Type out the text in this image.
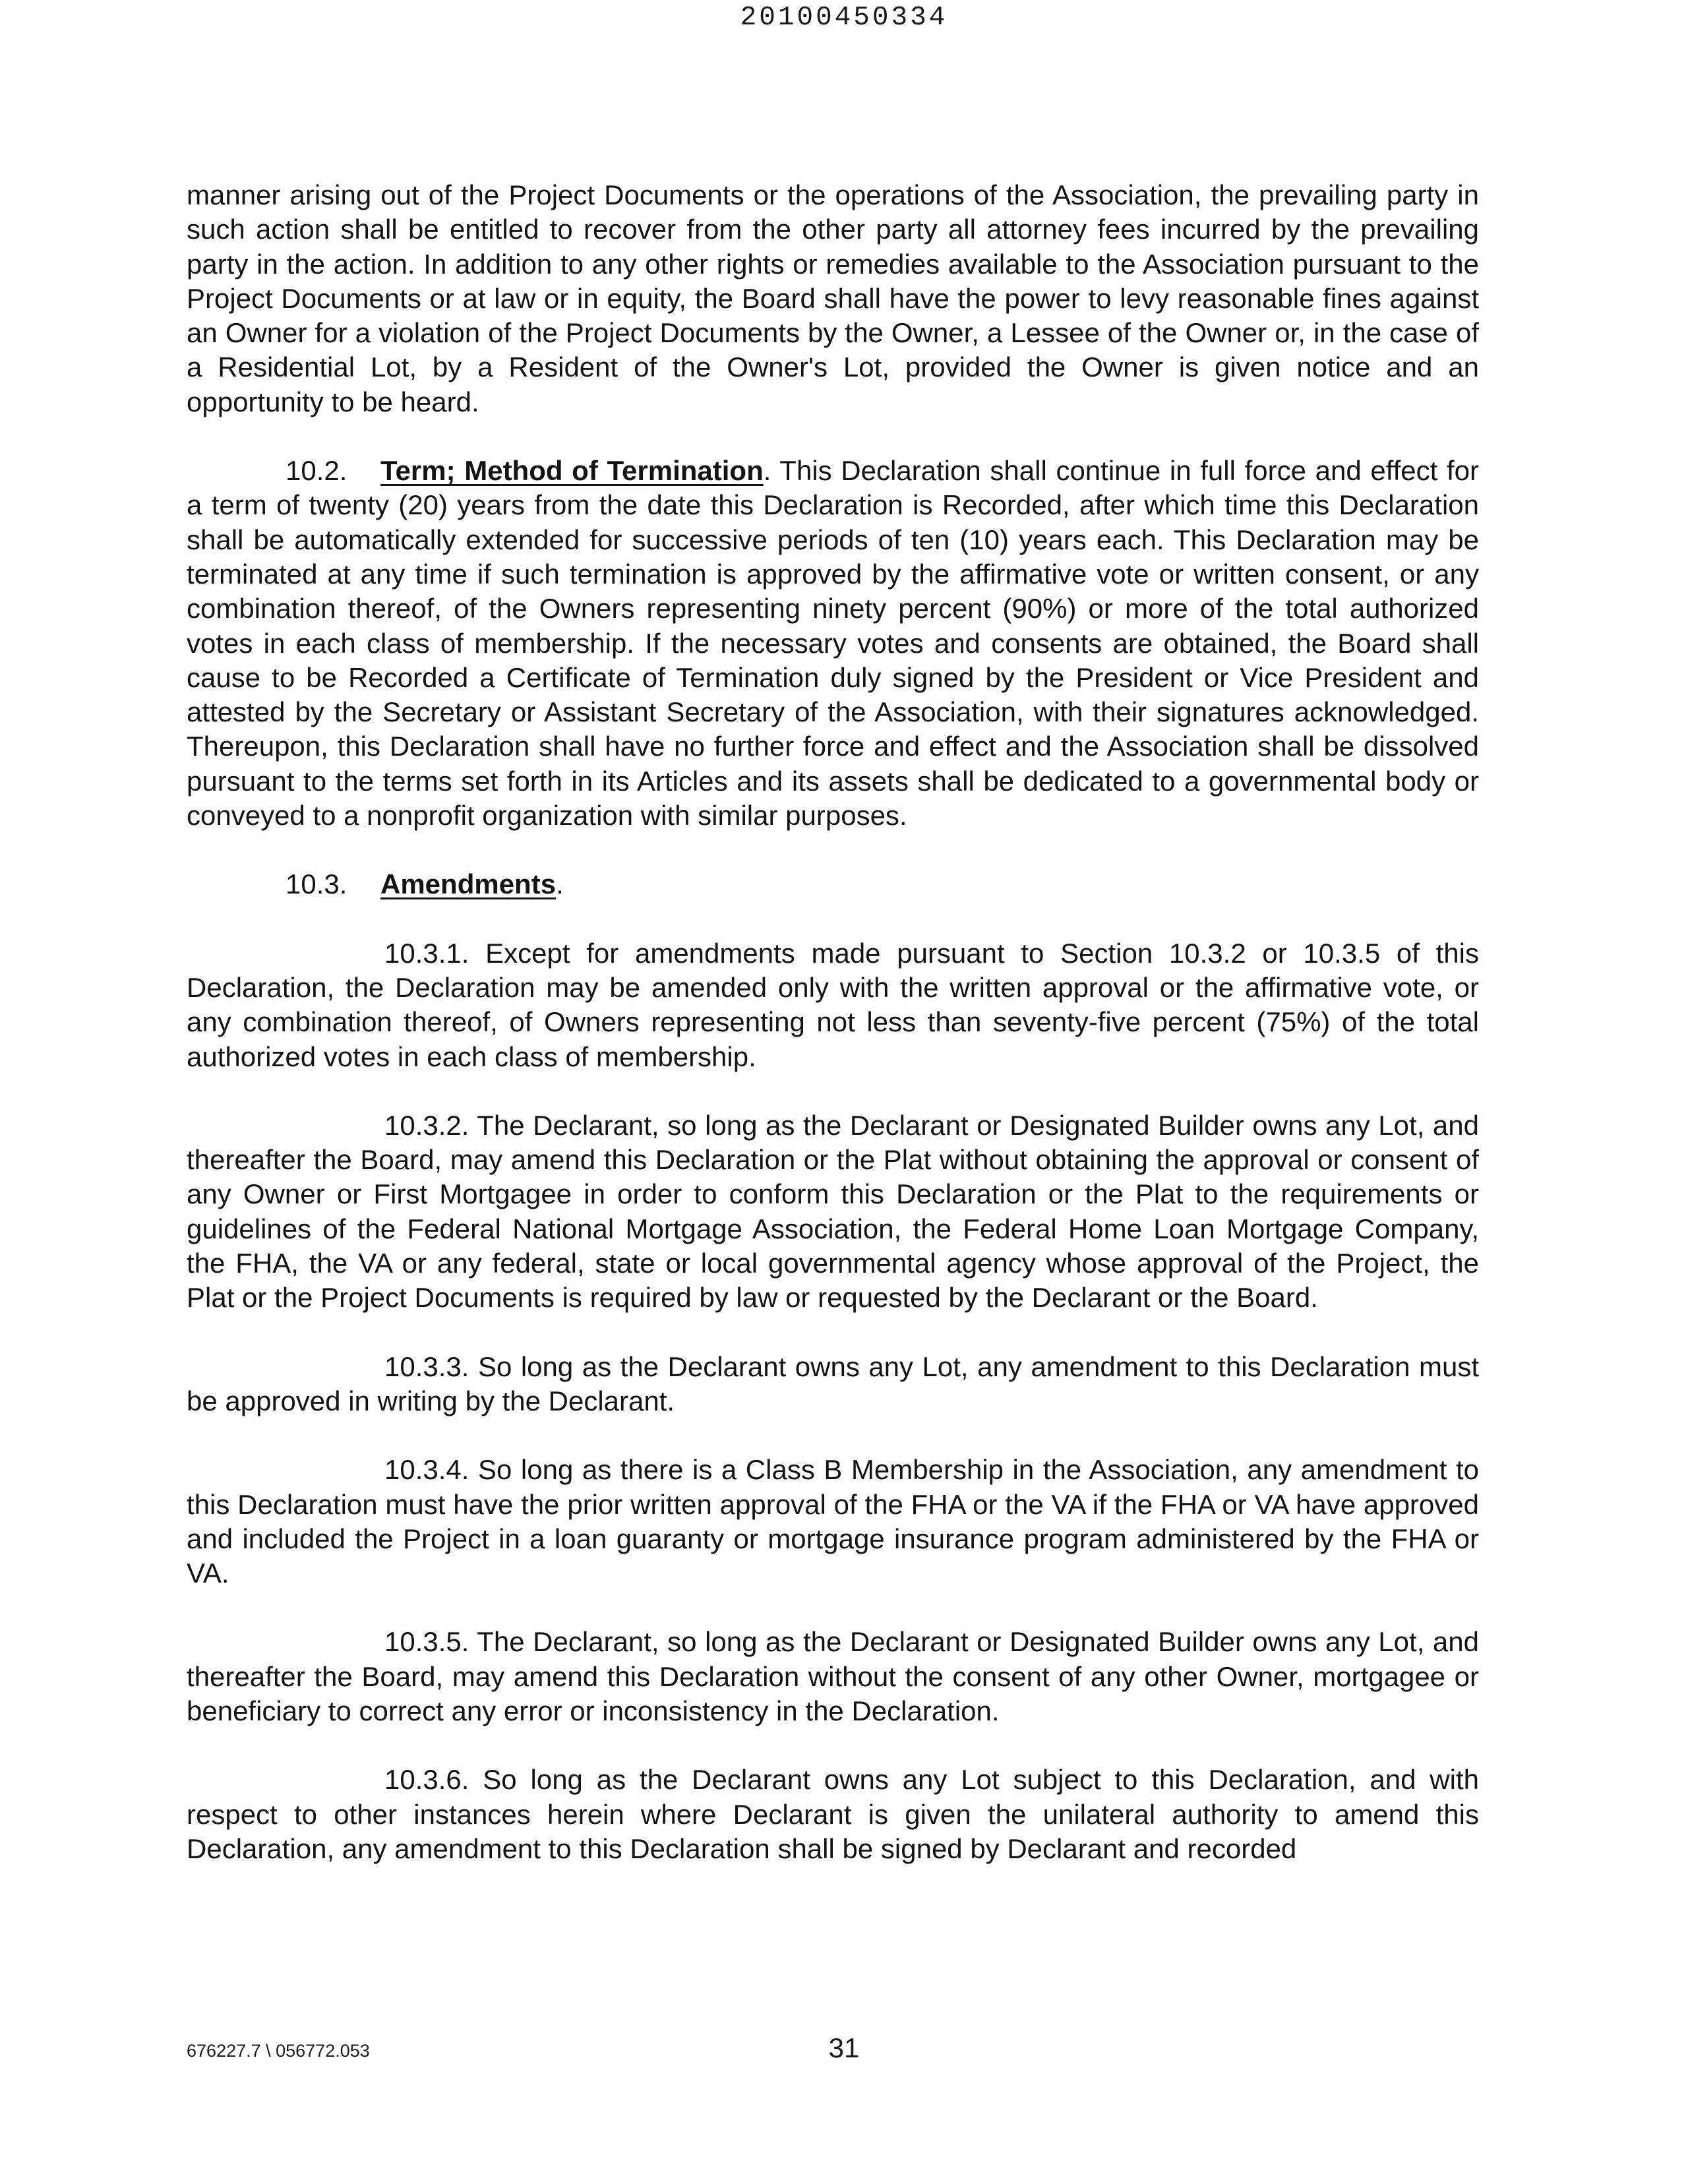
20100450334

manner arising out of the Project Documents or the operations of the Association, the prevailing party in such action shall be entitled to recover from the other party all attorney fees incurred by the prevailing party in the action. In addition to any other rights or remedies available to the Association pursuant to the Project Documents or at law or in equity, the Board shall have the power to levy reasonable fines against an Owner for a violation of the Project Documents by the Owner, a Lessee of the Owner or, in the case of a Residential Lot, by a Resident of the Owner's Lot, provided the Owner is given notice and an opportunity to be heard.

10.2. Term; Method of Termination. This Declaration shall continue in full force and effect for a term of twenty (20) years from the date this Declaration is Recorded, after which time this Declaration shall be automatically extended for successive periods of ten (10) years each. This Declaration may be terminated at any time if such termination is approved by the affirmative vote or written consent, or any combination thereof, of the Owners representing ninety percent (90%) or more of the total authorized votes in each class of membership. If the necessary votes and consents are obtained, the Board shall cause to be Recorded a Certificate of Termination duly signed by the President or Vice President and attested by the Secretary or Assistant Secretary of the Association, with their signatures acknowledged. Thereupon, this Declaration shall have no further force and effect and the Association shall be dissolved pursuant to the terms set forth in its Articles and its assets shall be dedicated to a governmental body or conveyed to a nonprofit organization with similar purposes.

10.3. Amendments.

10.3.1. Except for amendments made pursuant to Section 10.3.2 or 10.3.5 of this Declaration, the Declaration may be amended only with the written approval or the affirmative vote, or any combination thereof, of Owners representing not less than seventy-five percent (75%) of the total authorized votes in each class of membership.

10.3.2. The Declarant, so long as the Declarant or Designated Builder owns any Lot, and thereafter the Board, may amend this Declaration or the Plat without obtaining the approval or consent of any Owner or First Mortgagee in order to conform this Declaration or the Plat to the requirements or guidelines of the Federal National Mortgage Association, the Federal Home Loan Mortgage Company, the FHA, the VA or any federal, state or local governmental agency whose approval of the Project, the Plat or the Project Documents is required by law or requested by the Declarant or the Board.

10.3.3. So long as the Declarant owns any Lot, any amendment to this Declaration must be approved in writing by the Declarant.

10.3.4. So long as there is a Class B Membership in the Association, any amendment to this Declaration must have the prior written approval of the FHA or the VA if the FHA or VA have approved and included the Project in a loan guaranty or mortgage insurance program administered by the FHA or VA.

10.3.5. The Declarant, so long as the Declarant or Designated Builder owns any Lot, and thereafter the Board, may amend this Declaration without the consent of any other Owner, mortgagee or beneficiary to correct any error or inconsistency in the Declaration.

10.3.6. So long as the Declarant owns any Lot subject to this Declaration, and with respect to other instances herein where Declarant is given the unilateral authority to amend this Declaration, any amendment to this Declaration shall be signed by Declarant and recorded

676227.7 \ 056772.053	31
